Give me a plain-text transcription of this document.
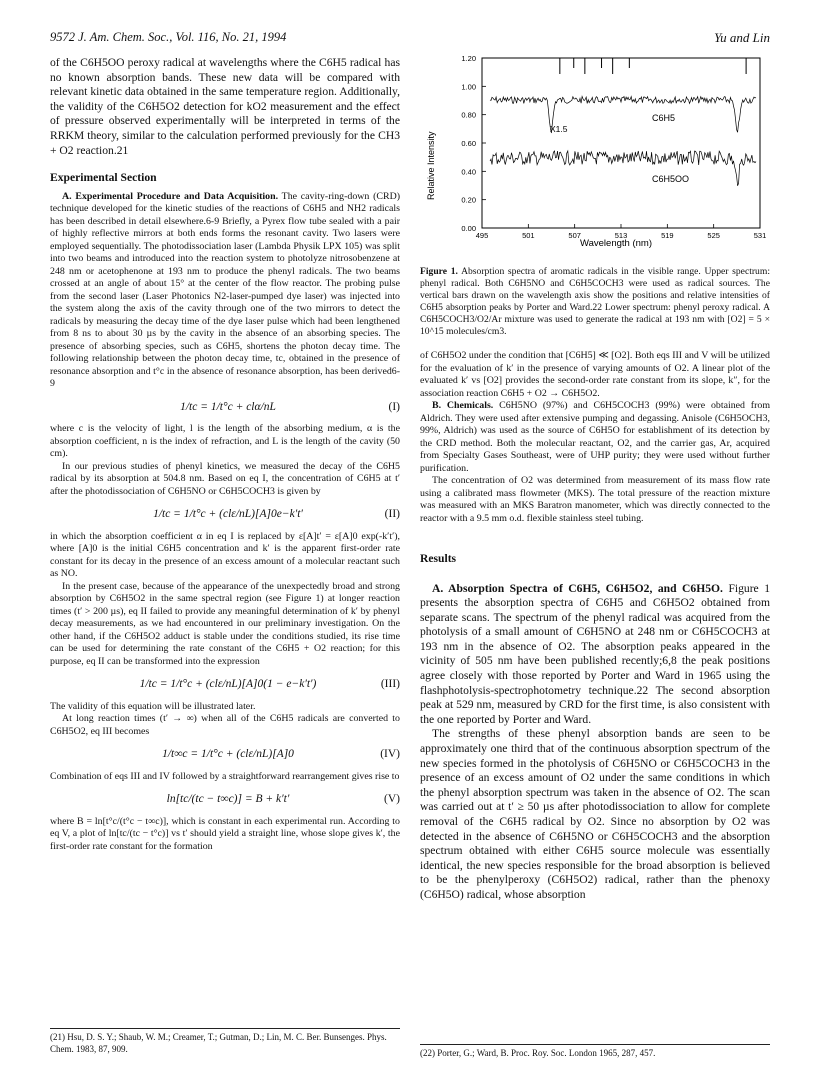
9572 J. Am. Chem. Soc., Vol. 116, No. 21, 1994	Yu and Lin

of the C6H5OO peroxy radical at wavelengths where the C6H5 radical has no known absorption bands. These new data will be compared with relevant kinetic data obtained in the same temperature region. Additionally, the validity of the C6H5O2 detection for kO2 measurement and the effect of pressure observed experimentally will be interpreted in terms of the RRKM theory, similar to the calculation performed previously for the CH3 + O2 reaction.21

Experimental Section

A. Experimental Procedure and Data Acquisition. The cavity-ring-down (CRD) technique developed for the kinetic studies of the reactions of C6H5 and NH2 radicals has been described in detail elsewhere.6-9 Briefly, a Pyrex flow tube sealed with a pair of highly reflective mirrors at both ends forms the resonant cavity. Two lasers were employed sequentially. The photodissociation laser (Lambda Physik LPX 105) was split into two beams and introduced into the reaction system to photolyze nitrosobenzene at 248 nm or acetophenone at 193 nm to produce the phenyl radicals. The two beams crossed at an angle of about 15° at the center of the flow reactor. The probing pulse from the second laser (Laser Photonics N2-laser-pumped dye laser) was injected into the system along the axis of the cavity through one of the two mirrors to detect the radicals by measuring the decay time of the dye laser pulse which had been lengthened from 8 ns to about 30 µs by the cavity in the absence of an absorbing species. The presence of absorbing species, such as C6H5, shortens the photon decay time. The following relationship between the photon decay time, tc, obtained in the presence of resonance absorption and t°c in the absence of resonance absorption, has been derived6-9

1/tc = 1/t°c + clα/nL	(I)

where c is the velocity of light, l is the length of the absorbing medium, α is the absorption coefficient, n is the index of refraction, and L is the length of the cavity (50 cm).

In our previous studies of phenyl kinetics, we measured the decay of the C6H5 radical by its absorption at 504.8 nm. Based on eq I, the concentration of C6H5 at t′ after the photodissociation of C6H5NO or C6H5COCH3 is given by

1/tc = 1/t°c + (clε/nL)[A]0e−k′t′	(II)

in which the absorption coefficient α in eq I is replaced by ε[A]t′ = ε[A]0 exp(-k′t′), where [A]0 is the initial C6H5 concentration and k′ is the apparent first-order rate constant for its decay in the presence of an excess amount of a molecular reactant such as NO.

In the present case, because of the appearance of the unexpectedly broad and strong absorption by C6H5O2 in the same spectral region (see Figure 1) at longer reaction times (t′ > 200 µs), eq II failed to provide any meaningful determination of k′ by phenyl decay measurements, as we had encountered in our preliminary investigation. On the other hand, if the C6H5O2 adduct is stable under the conditions studied, its rise time can be used for determining the rate constant of the C6H5 + O2 reaction; for this purpose, eq II can be transformed into the expression

1/tc = 1/t°c + (clε/nL)[A]0(1 − e−k′t′)	(III)

The validity of this equation will be illustrated later.

At long reaction times (t′ → ∞) when all of the C6H5 radicals are converted to C6H5O2, eq III becomes

1/t∞c = 1/t°c + (clε/nL)[A]0	(IV)

Combination of eqs III and IV followed by a straightforward rearrangement gives rise to

ln[tc/(tc − t∞c)] = B + k′t′	(V)

where B = ln[t°c/(t°c − t∞c)], which is constant in each experimental run. According to eq V, a plot of ln[tc/(tc − t°c)] vs t′ should yield a straight line, whose slope gives k′, the first-order rate constant for the formation

(21) Hsu, D. S. Y.; Shaub, W. M.; Creamer, T.; Gutman, D.; Lin, M. C. Ber. Bunsenges. Phys. Chem. 1983, 87, 909.
0.00
0.20
0.40
0.60
0.80
1.00
1.20
495	501	507	513	519	525	531
Relative Intensity
Wavelength (nm)
C6H5
X1.5
C6H5OO
Figure 1. Absorption spectra of aromatic radicals in the visible range. Upper spectrum: phenyl radical. Both C6H5NO and C6H5COCH3 were used as radical sources. The vertical bars drawn on the wavelength axis show the positions and relative intensities of C6H5 absorption peaks by Porter and Ward.22 Lower spectrum: phenyl peroxy radical. A C6H5COCH3/O2/Ar mixture was used to generate the radical at 193 nm with [O2] = 5 × 10^15 molecules/cm3.

of C6H5O2 under the condition that [C6H5] ≪ [O2]. Both eqs III and V will be utilized for the evaluation of k′ in the presence of varying amounts of O2. A linear plot of the evaluated k′ vs [O2] provides the second-order rate constant from its slope, k″, for the association reaction C6H5 + O2 → C6H5O2.

B. Chemicals. C6H5NO (97%) and C6H5COCH3 (99%) were obtained from Aldrich. They were used after extensive pumping and degassing. Anisole (C6H5OCH3, 99%, Aldrich) was used as the source of C6H5O for establishment of its detection by the CRD method. Both the molecular reactant, O2, and the carrier gas, Ar, acquired from Specialty Gases Southeast, were of UHP purity; they were used without further purification.

The concentration of O2 was determined from measurement of its mass flow rate using a calibrated mass flowmeter (MKS). The total pressure of the reaction mixture was measured with an MKS Baratron manometer, which was directly connected to the reactor with a 9.5 mm o.d. flexible stainless steel tubing.

Results

A. Absorption Spectra of C6H5, C6H5O2, and C6H5O. Figure 1 presents the absorption spectra of C6H5 and C6H5O2 obtained from separate scans. The spectrum of the phenyl radical was acquired from the photolysis of a small amount of C6H5NO at 248 nm or C6H5COCH3 at 193 nm in the absence of O2. The absorption peaks appeared in the vicinity of 505 nm have been published recently;6,8 the peak positions agree closely with those reported by Porter and Ward in 1965 using the flashphotolysis-spectrophotometry technique.22 The second absorption peak at 529 nm, measured by CRD for the first time, is also consistent with the one reported by Porter and Ward.

The strengths of these phenyl absorption bands are seen to be approximately one third that of the continuous absorption spectrum of the new species formed in the photolysis of C6H5NO or C6H5COCH3 in the presence of an excess amount of O2 under the same conditions in which the phenyl absorption spectrum was taken in the absence of O2. The scan was carried out at t′ ≥ 50 µs after photodissociation to allow for complete removal of the C6H5 radical by O2. Since no absorption by O2 was detected in the absence of C6H5NO or C6H5COCH3 and the absorption spectrum obtained with either C6H5 source molecule was essentially identical, the new species responsible for the broad absorption is believed to be the phenylperoxy (C6H5O2) radical, rather than the phenoxy (C6H5O) radical, whose absorption

(22) Porter, G.; Ward, B. Proc. Roy. Soc. London 1965, 287, 457.
